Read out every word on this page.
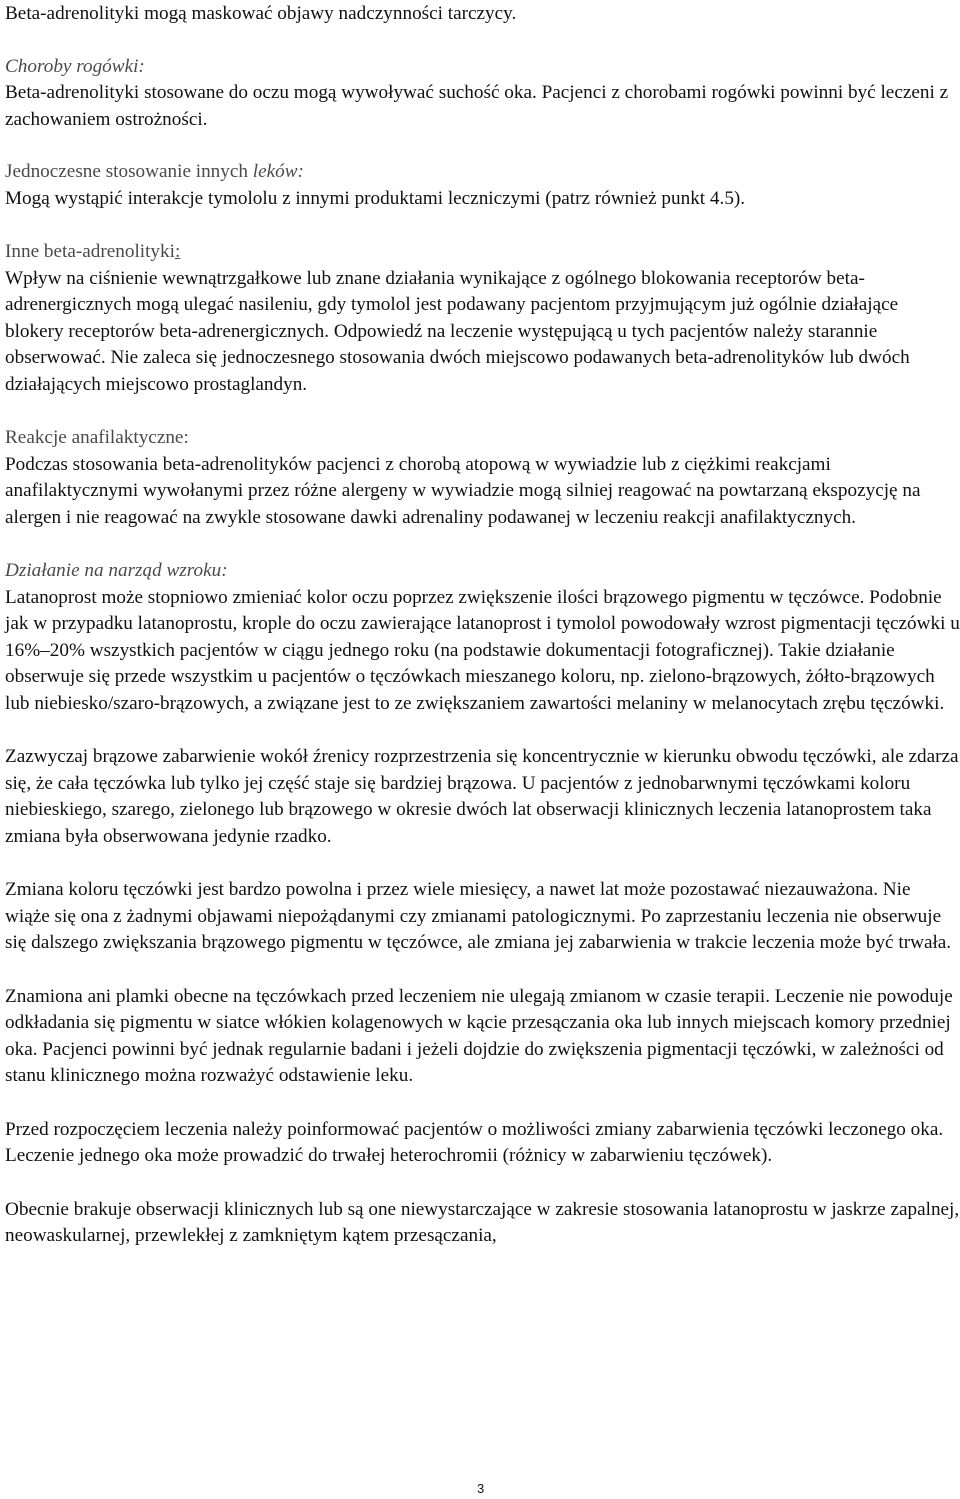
Beta-adrenolityki mogą maskować objawy nadczynności tarczycy.

Choroby rogówki:
Beta-adrenolityki stosowane do oczu mogą wywoływać suchość oka. Pacjenci z chorobami rogówki powinni być leczeni z zachowaniem ostrożności.

Jednoczesne stosowanie innych leków:
Mogą wystąpić interakcje tymololu z innymi produktami leczniczymi (patrz również punkt 4.5).

Inne beta-adrenolityki:
Wpływ na ciśnienie wewnątrzgałkowe lub znane działania wynikające z ogólnego blokowania receptorów beta-adrenergicznych mogą ulegać nasileniu, gdy tymolol jest podawany pacjentom przyjmującym już ogólnie działające blokery receptorów beta-adrenergicznych. Odpowiedź na leczenie występującą u tych pacjentów należy starannie obserwować. Nie zaleca się jednoczesnego stosowania dwóch miejscowo podawanych beta-adrenolityków lub dwóch działających miejscowo prostaglandyn.

Reakcje anafilaktyczne:
Podczas stosowania beta-adrenolityków pacjenci z chorobą atopową w wywiadzie lub z ciężkimi reakcjami anafilaktycznymi wywołanymi przez różne alergeny w wywiadzie mogą silniej reagować na powtarzaną ekspozycję na alergen i nie reagować na zwykle stosowane dawki adrenaliny podawanej w leczeniu reakcji anafilaktycznych.

Działanie na narząd wzroku:
Latanoprost może stopniowo zmieniać kolor oczu poprzez zwiększenie ilości brązowego pigmentu w tęczówce. Podobnie jak w przypadku latanoprostu, krople do oczu zawierające latanoprost i tymolol powodowały wzrost pigmentacji tęczówki u 16%–20% wszystkich pacjentów w ciągu jednego roku (na podstawie dokumentacji fotograficznej). Takie działanie obserwuje się przede wszystkim u pacjentów o tęczówkach mieszanego koloru, np. zielono-brązowych, żółto-brązowych lub niebiesko/szaro-brązowych, a związane jest to ze zwiększaniem zawartości melaniny w melanocytach zrębu tęczówki.

Zazwyczaj brązowe zabarwienie wokół źrenicy rozprzestrzenia się koncentrycznie w kierunku obwodu tęczówki, ale zdarza się, że cała tęczówka lub tylko jej część staje się bardziej brązowa. U pacjentów z jednobarwnymi tęczówkami koloru niebieskiego, szarego, zielonego lub brązowego w okresie dwóch lat obserwacji klinicznych leczenia latanoprostem taka zmiana była obserwowana jedynie rzadko.

Zmiana koloru tęczówki jest bardzo powolna i przez wiele miesięcy, a nawet lat może pozostawać niezauważona. Nie wiąże się ona z żadnymi objawami niepożądanymi czy zmianami patologicznymi. Po zaprzestaniu leczenia nie obserwuje się dalszego zwiększania brązowego pigmentu w tęczówce, ale zmiana jej zabarwienia w trakcie leczenia może być trwała.

Znamiona ani plamki obecne na tęczówkach przed leczeniem nie ulegają zmianom w czasie terapii. Leczenie nie powoduje odkładania się pigmentu w siatce włókien kolagenowych w kącie przesączania oka lub innych miejscach komory przedniej oka. Pacjenci powinni być jednak regularnie badani i jeżeli dojdzie do zwiększenia pigmentacji tęczówki, w zależności od stanu klinicznego można rozważyć odstawienie leku.

Przed rozpoczęciem leczenia należy poinformować pacjentów o możliwości zmiany zabarwienia tęczówki leczonego oka. Leczenie jednego oka może prowadzić do trwałej heterochromii (różnicy w zabarwieniu tęczówek).

Obecnie brakuje obserwacji klinicznych lub są one niewystarczające w zakresie stosowania latanoprostu w jaskrze zapalnej, neowaskularnej, przewlekłej z zamkniętym kątem przesączania,

3
